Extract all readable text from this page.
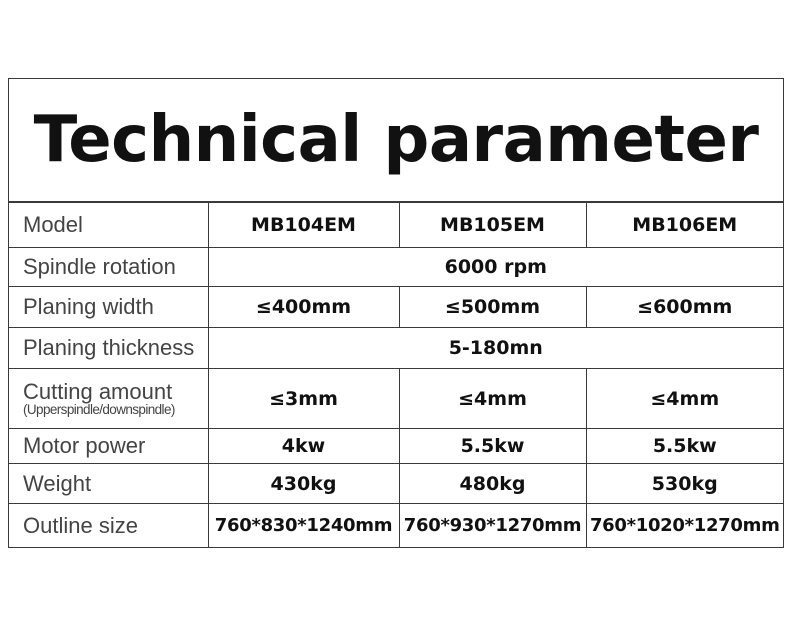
Technical parameter
Model	MB104EM	MB105EM	MB106EM
Spindle rotation	6000 rpm		
Planing width	≤400mm	≤500mm	≤600mm
Planing thickness	5-180mn		
Cutting amount
(Upperspindle/downspindle)	≤3mm	≤4mm	≤4mm
Motor power	4kw	5.5kw	5.5kw
Weight	430kg	480kg	530kg
Outline size	760*830*1240mm	760*930*1270mm	760*1020*1270mm
